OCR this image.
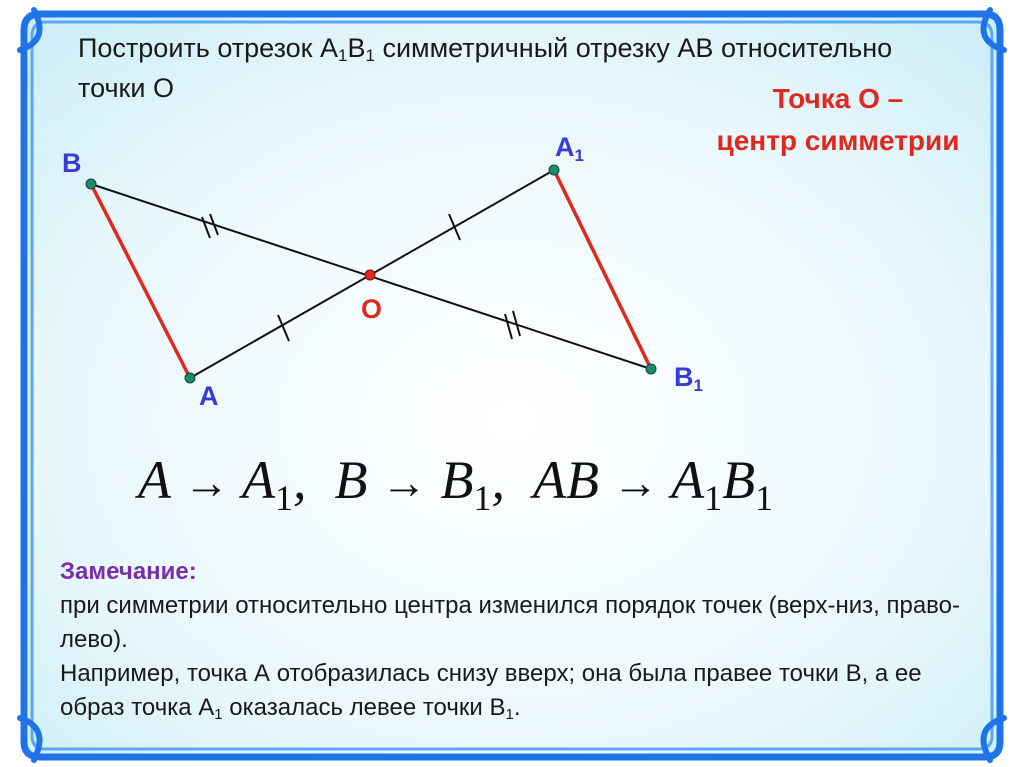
Построить отрезок $А_1В_1$ симметричный отрезку АВ относительно точки О	Точка О –
центр симметрии
B
$A_1$
O
A
$B_1$
$A \to A_1$, $B \to B_1$, AB → $A_1B_1$
Замечание:
при симметрии относительно центра изменился порядок точек (верх-низ, право-лево).
Например, точка А отобразилась снизу вверх; она была правее точки В, а ее образ точка $А_1$ оказалась левее точки $В_1$.
